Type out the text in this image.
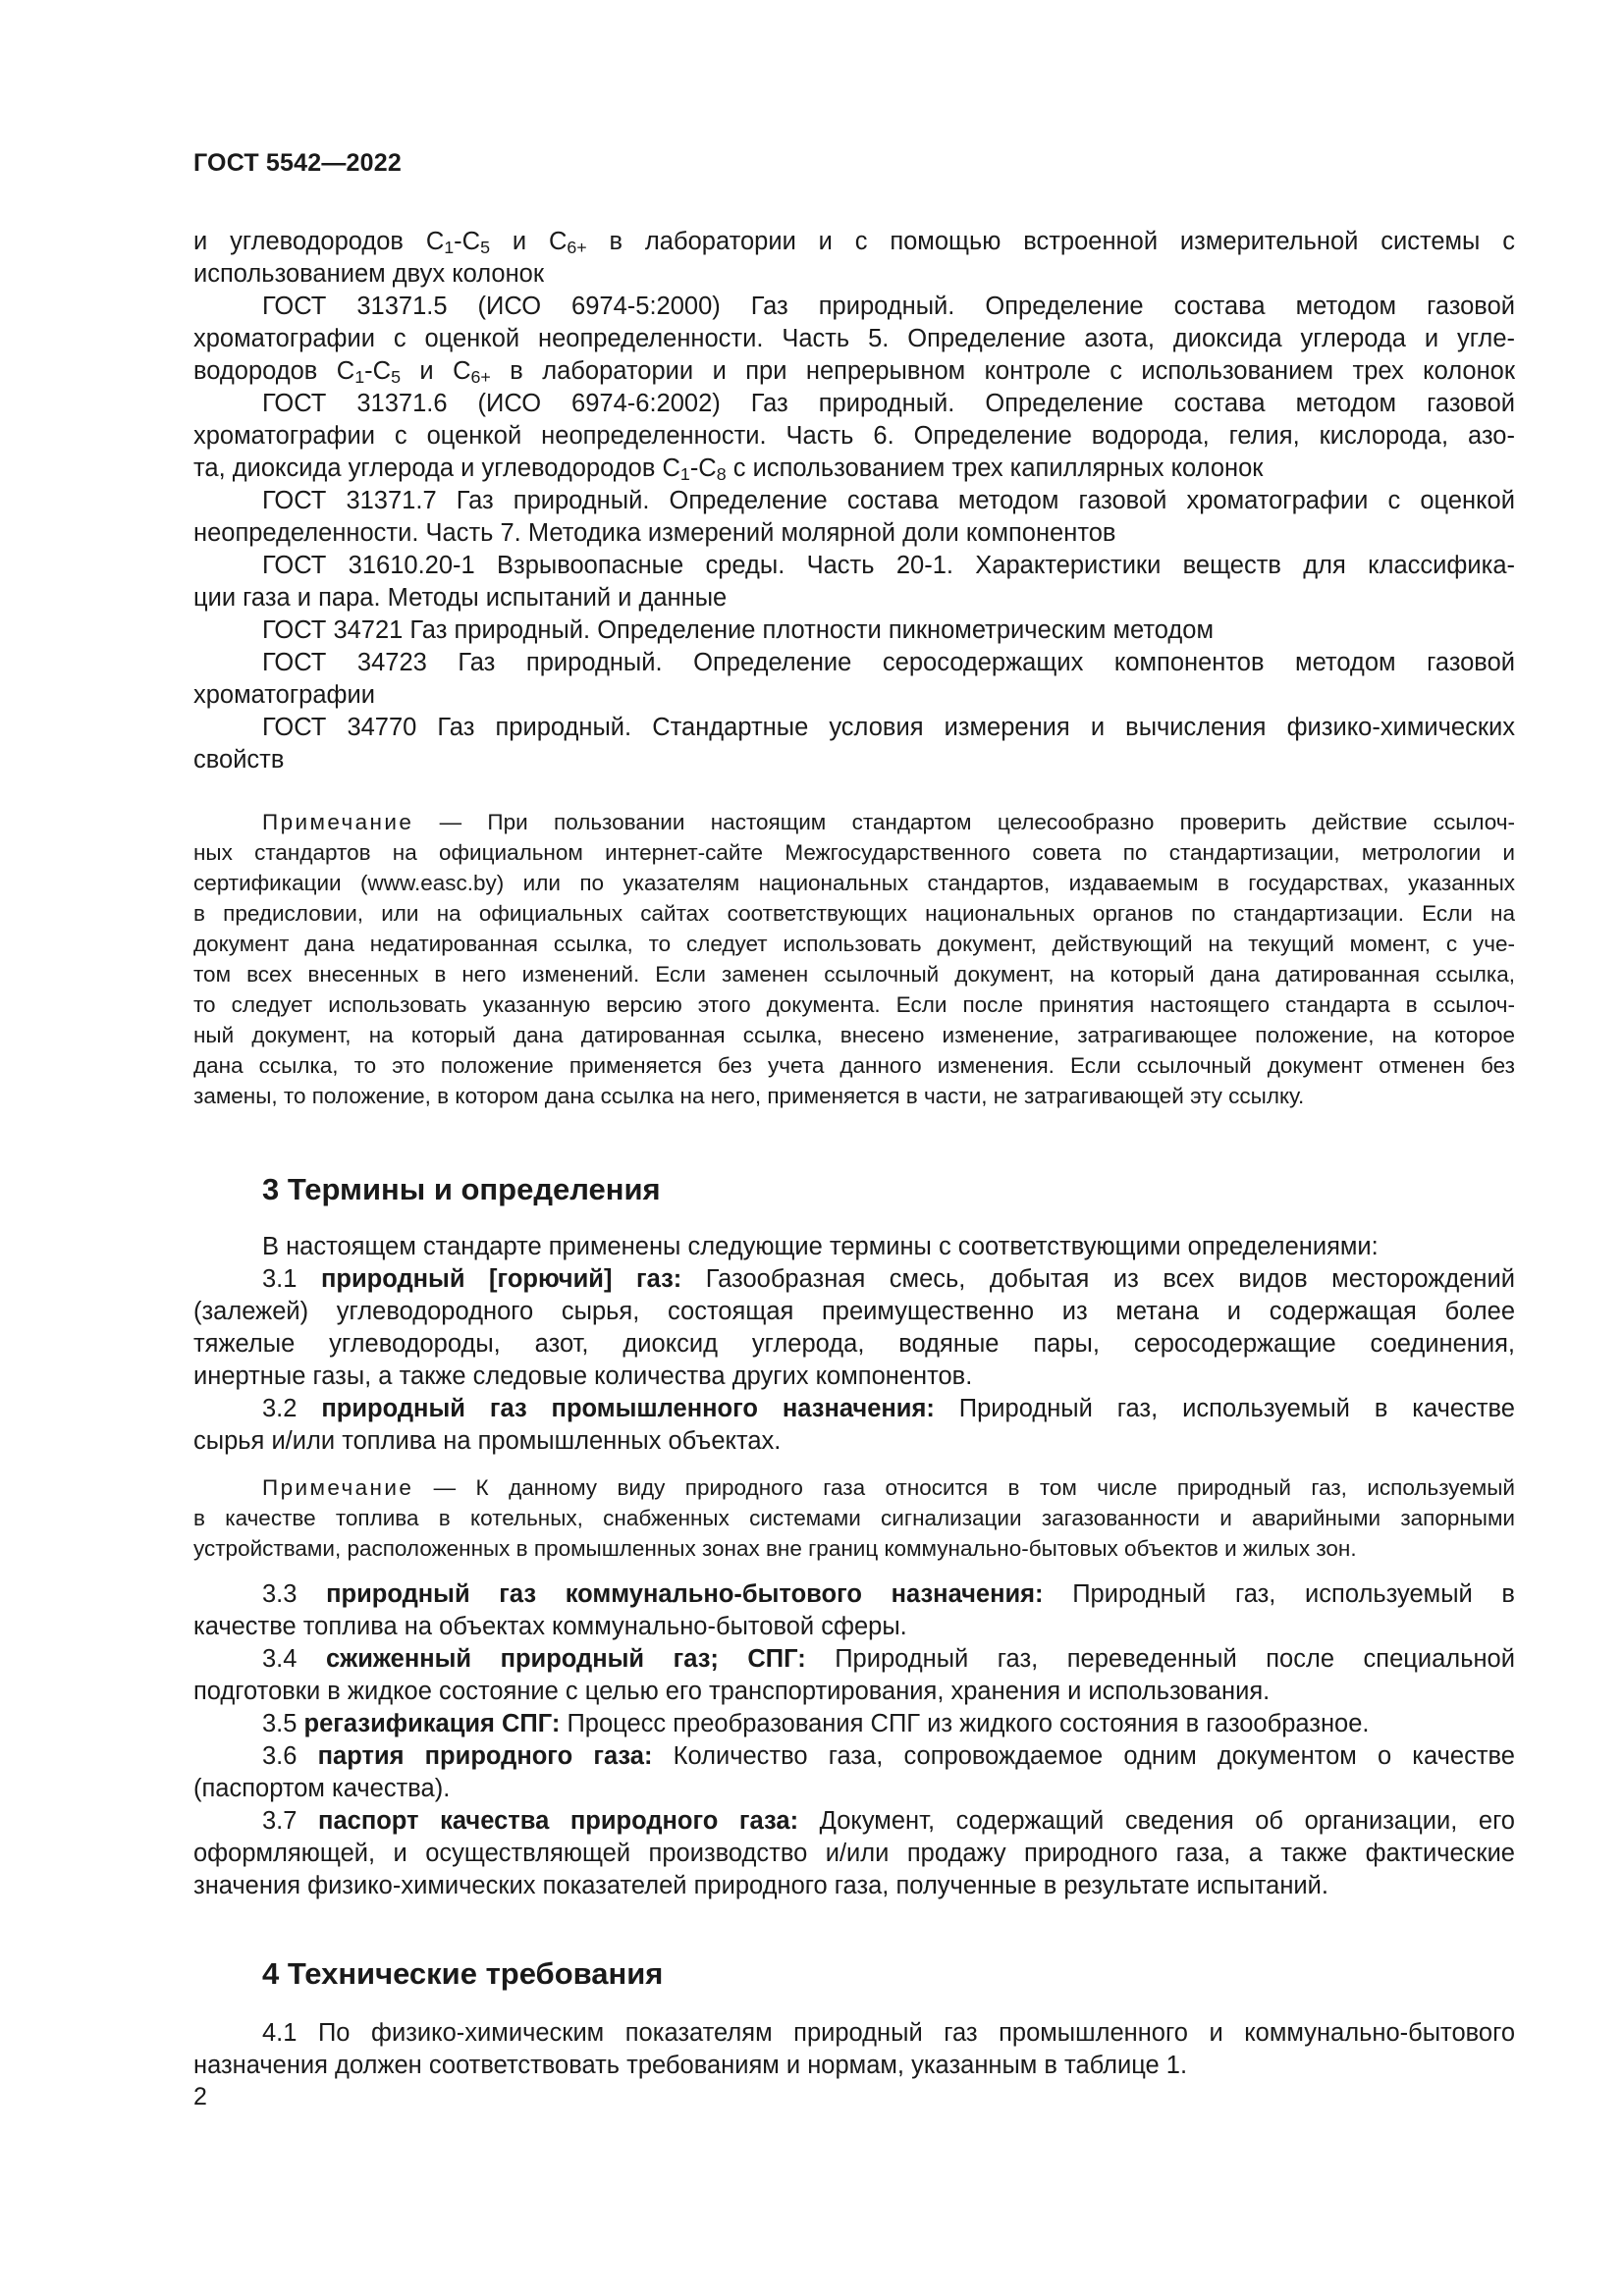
ГОСТ 5542—2022
и углеводородов $С_1-С_5$ и $С_{6+}$ в лаборатории и с помощью встроенной измерительной системы с
использованием двух колонок
ГОСТ 31371.5 (ИСО 6974-5:2000) Газ природный. Определение состава методом газовой
хроматографии с оценкой неопределенности. Часть 5. Определение азота, диоксида углерода и угле-
водородов $С_1-С_5$ и $С_{6+}$ в лаборатории и при непрерывном контроле с использованием трех колонок
ГОСТ 31371.6 (ИСО 6974-6:2002) Газ природный. Определение состава методом газовой
хроматографии с оценкой неопределенности. Часть 6. Определение водорода, гелия, кислорода, азо-
та, диоксида углерода и углеводородов $С_1-С_8$ с использованием трех капиллярных колонок
ГОСТ 31371.7 Газ природный. Определение состава методом газовой хроматографии с оценкой
неопределенности. Часть 7. Методика измерений молярной доли компонентов
ГОСТ 31610.20-1 Взрывоопасные среды. Часть 20-1. Характеристики веществ для классифика-
ции газа и пара. Методы испытаний и данные
ГОСТ 34721 Газ природный. Определение плотности пикнометрическим методом
ГОСТ 34723 Газ природный. Определение серосодержащих компонентов методом газовой
хроматографии
ГОСТ 34770 Газ природный. Стандартные условия измерения и вычисления физико-химических
свойств
Примечание — При пользовании настоящим стандартом целесообразно проверить действие ссылоч-
ных стандартов на официальном интернет-сайте Межгосударственного совета по стандартизации, метрологии и
сертификации (www.easc.by) или по указателям национальных стандартов, издаваемым в государствах, указанных
в предисловии, или на официальных сайтах соответствующих национальных органов по стандартизации. Если на
документ дана недатированная ссылка, то следует использовать документ, действующий на текущий момент, с уче-
том всех внесенных в него изменений. Если заменен ссылочный документ, на который дана датированная ссылка,
то следует использовать указанную версию этого документа. Если после принятия настоящего стандарта в ссылоч-
ный документ, на который дана датированная ссылка, внесено изменение, затрагивающее положение, на которое
дана ссылка, то это положение применяется без учета данного изменения. Если ссылочный документ отменен без
замены, то положение, в котором дана ссылка на него, применяется в части, не затрагивающей эту ссылку.
3 Термины и определения
В настоящем стандарте применены следующие термины с соответствующими определениями:
3.1 природный [горючий] газ: Газообразная смесь, добытая из всех видов месторождений
(залежей) углеводородного сырья, состоящая преимущественно из метана и содержащая более
тяжелые углеводороды, азот, диоксид углерода, водяные пары, серосодержащие соединения,
инертные газы, а также следовые количества других компонентов.
3.2 природный газ промышленного назначения: Природный газ, используемый в качестве
сырья и/или топлива на промышленных объектах.
Примечание — К данному виду природного газа относится в том числе природный газ, используемый
в качестве топлива в котельных, снабженных системами сигнализации загазованности и аварийными запорными
устройствами, расположенных в промышленных зонах вне границ коммунально-бытовых объектов и жилых зон.
3.3 природный газ коммунально-бытового назначения: Природный газ, используемый в
качестве топлива на объектах коммунально-бытовой сферы.
3.4 сжиженный природный газ; СПГ: Природный газ, переведенный после специальной
подготовки в жидкое состояние с целью его транспортирования, хранения и использования.
3.5 регазификация СПГ: Процесс преобразования СПГ из жидкого состояния в газообразное.
3.6 партия природного газа: Количество газа, сопровождаемое одним документом о качестве
(паспортом качества).
3.7 паспорт качества природного газа: Документ, содержащий сведения об организации, его
оформляющей, и осуществляющей производство и/или продажу природного газа, а также фактические
значения физико-химических показателей природного газа, полученные в результате испытаний.
4 Технические требования
4.1 По физико-химическим показателям природный газ промышленного и коммунально-бытового
назначения должен соответствовать требованиям и нормам, указанным в таблице 1.
2
